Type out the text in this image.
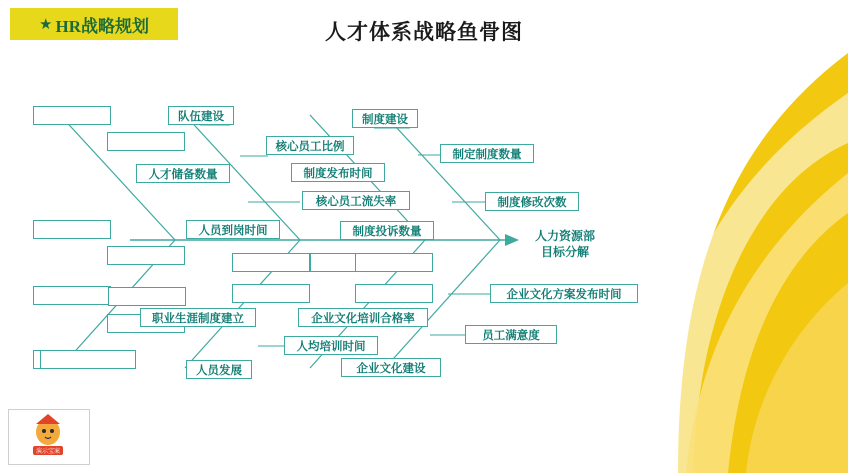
★ HR战略规划	人才体系战略鱼骨图
队伍建设	制度建设
核心员工比例
制定制度数量
人才储备数量	制度发布时间
核心员工流失率	制度修改次数
人员到岗时间	制度投诉数量
企业文化方案发布时间
职业生涯制度建立	企业文化培训合格率
员工满意度
人均培训时间
人员发展	企业文化建设
人力资源部
目标分解
演示宝案
